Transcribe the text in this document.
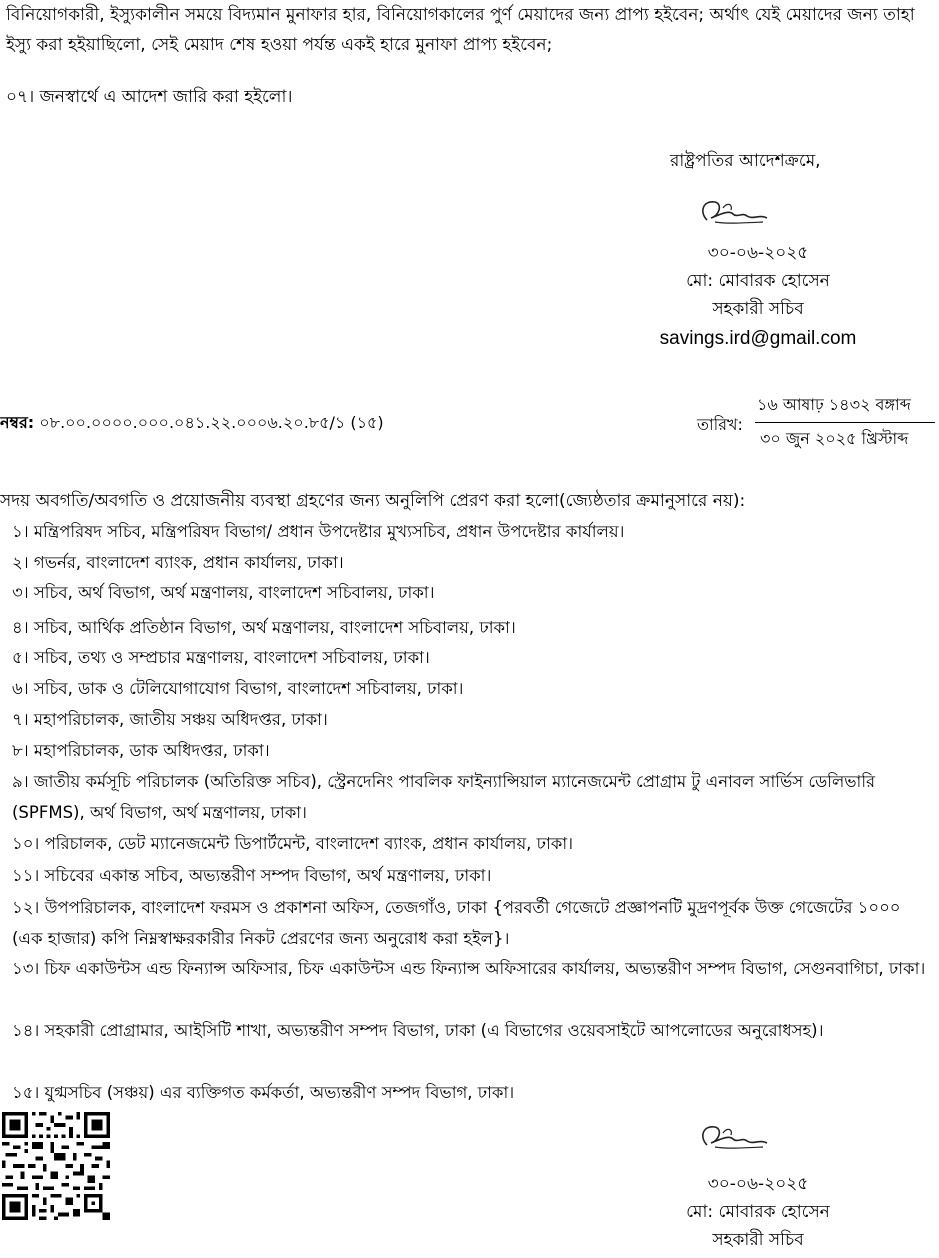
বিনিয়োগকারী, ইস্যুকালীন সময়ে বিদ্যমান মুনাফার হার, বিনিয়োগকালের পুর্ণ মেয়াদের জন্য প্রাপ্য হইবেন; অর্থাৎ যেই মেয়াদের জন্য তাহা ইস্যু করা হইয়াছিলো, সেই মেয়াদ শেষ হওয়া পর্যন্ত একই হারে মুনাফা প্রাপ্য হইবেন;
০৭। জনস্বার্থে এ আদেশ জারি করা হইলো।
রাষ্ট্রপতির আদেশক্রমে,
৩০-০৬-২০২৫
মো: মোবারক হোসেন
সহকারী সচিব
savings.ird@gmail.com
নম্বর: ০৮.০০.০০০০.০০০.০৪১.২২.০০০৬.২০.৮৫/১ (১৫)	তারিখ:
১৬ আষাঢ় ১৪৩২ বঙ্গাব্দ
৩০ জুন ২০২৫ খ্রিস্টাব্দ
সদয় অবগতি/অবগতি ও প্রয়োজনীয় ব্যবস্থা গ্রহণের জন্য অনুলিপি প্রেরণ করা হলো(জ্যেষ্ঠতার ক্রমানুসারে নয়):
১। মন্ত্রিপরিষদ সচিব, মন্ত্রিপরিষদ বিভাগ/ প্রধান উপদেষ্টার মুখ্যসচিব, প্রধান উপদেষ্টার কার্যালয়।
২। গভর্নর, বাংলাদেশ ব্যাংক, প্রধান কার্যালয়, ঢাকা।
৩। সচিব, অর্থ বিভাগ, অর্থ মন্ত্রণালয়, বাংলাদেশ সচিবালয়, ঢাকা।
৪। সচিব, আর্থিক প্রতিষ্ঠান বিভাগ, অর্থ মন্ত্রণালয়, বাংলাদেশ সচিবালয়, ঢাকা।
৫। সচিব, তথ্য ও সম্প্রচার মন্ত্রণালয়, বাংলাদেশ সচিবালয়, ঢাকা।
৬। সচিব, ডাক ও টেলিযোগাযোগ বিভাগ, বাংলাদেশ সচিবালয়, ঢাকা।
৭। মহাপরিচালক, জাতীয় সঞ্চয় অধিদপ্তর, ঢাকা।
৮। মহাপরিচালক, ডাক অধিদপ্তর, ঢাকা।
৯। জাতীয় কর্মসূচি পরিচালক (অতিরিক্ত সচিব), স্ট্রেনদেনিং পাবলিক ফাইন্যান্সিয়াল ম্যানেজমেন্ট প্রোগ্রাম টু এনাবল সার্ভিস ডেলিভারি (SPFMS), অর্থ বিভাগ, অর্থ মন্ত্রণালয়, ঢাকা।
১০। পরিচালক, ডেট ম্যানেজমেন্ট ডিপার্টমেন্ট, বাংলাদেশ ব্যাংক, প্রধান কার্যালয়, ঢাকা।
১১। সচিবের একান্ত সচিব, অভ্যন্তরীণ সম্পদ বিভাগ, অর্থ মন্ত্রণালয়, ঢাকা।
১২। উপপরিচালক, বাংলাদেশ ফরমস ও প্রকাশনা অফিস, তেজগাঁও, ঢাকা {পরবর্তী গেজেটে প্রজ্ঞাপনটি মুদ্রণপূর্বক উক্ত গেজেটের ১০০০ (এক হাজার) কপি নিম্নস্বাক্ষরকারীর নিকট প্রেরণের জন্য অনুরোধ করা হইল}।
১৩। চিফ একাউন্টস এন্ড ফিন্যান্স অফিসার, চিফ একাউন্টস এন্ড ফিন্যান্স অফিসারের কার্যালয়, অভ্যন্তরীণ সম্পদ বিভাগ, সেগুনবাগিচা, ঢাকা।
১৪। সহকারী প্রোগ্রামার, আইসিটি শাখা, অভ্যন্তরীণ সম্পদ বিভাগ, ঢাকা (এ বিভাগের ওয়েবসাইটে আপলোডের অনুরোধসহ)।
১৫। যুগ্মসচিব (সঞ্চয়) এর ব্যক্তিগত কর্মকর্তা, অভ্যন্তরীণ সম্পদ বিভাগ, ঢাকা।
৩০-০৬-২০২৫
মো: মোবারক হোসেন
সহকারী সচিব
